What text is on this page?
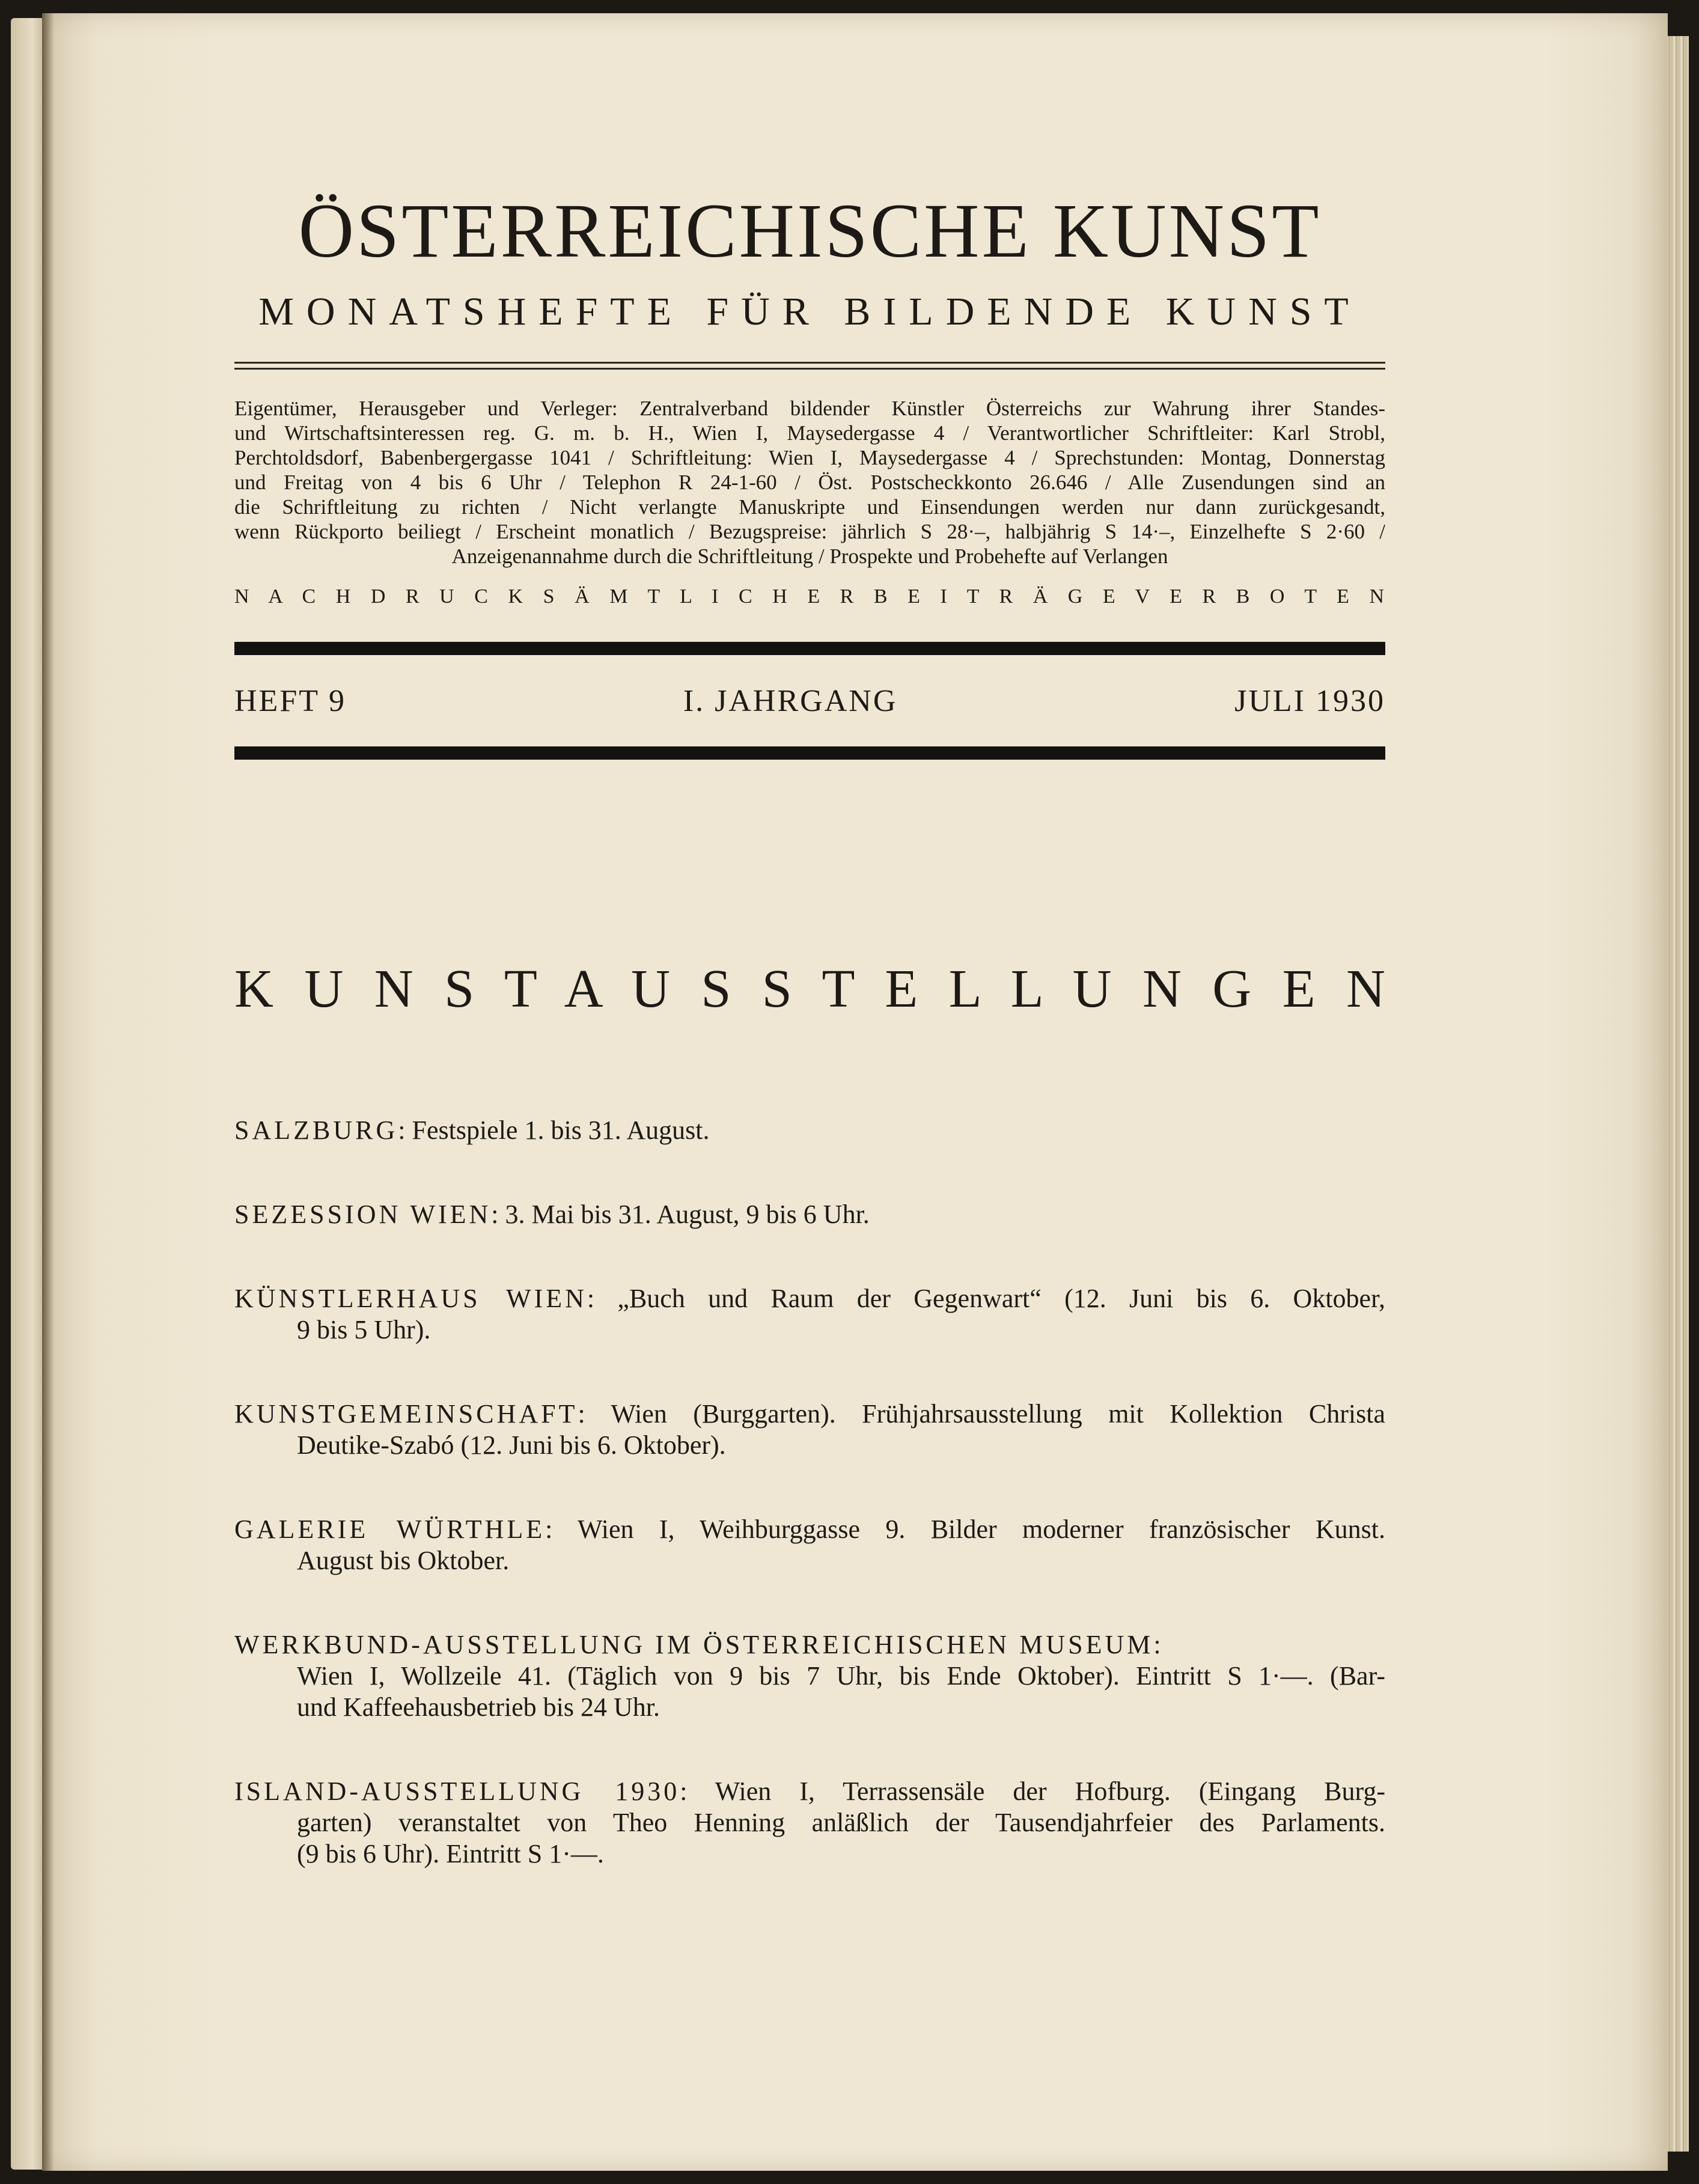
ÖSTERREICHISCHE KUNST
MONATSHEFTE FÜR BILDENDE KUNST
Eigentümer, Herausgeber und Verleger: Zentralverband bildender Künstler Österreichs zur Wahrung ihrer Standes-
und Wirtschaftsinteressen reg. G. m. b. H., Wien I, Maysedergasse 4 / Verantwortlicher Schriftleiter: Karl Strobl,
Perchtoldsdorf, Babenbergergasse 1041 / Schriftleitung: Wien I, Maysedergasse 4 / Sprechstunden: Montag, Donnerstag
und Freitag von 4 bis 6 Uhr / Telephon R 24-1-60 / Öst. Postscheckkonto 26.646 / Alle Zusendungen sind an
die Schriftleitung zu richten / Nicht verlangte Manuskripte und Einsendungen werden nur dann zurückgesandt,
wenn Rückporto beiliegt / Erscheint monatlich / Bezugspreise: jährlich S 28·–, halbjährig S 14·–, Einzelhefte S 2·60 /
Anzeigenannahme durch die Schriftleitung / Prospekte und Probehefte auf Verlangen
N A C H D R U C K S Ä M T L I C H E R B E I T R Ä G E V E R B O T E N
HEFT 9	I. JAHRGANG	JULI 1930
K U N S T A U S S T E L L U N G E N
SALZBURG: Festspiele 1. bis 31. August.
SEZESSION WIEN: 3. Mai bis 31. August, 9 bis 6 Uhr.
KÜNSTLERHAUS WIEN: „Buch und Raum der Gegenwart“ (12. Juni bis 6. Oktober,
9 bis 5 Uhr).
KUNSTGEMEINSCHAFT: Wien (Burggarten). Frühjahrsausstellung mit Kollektion Christa
Deutike-Szabó (12. Juni bis 6. Oktober).
GALERIE WÜRTHLE: Wien I, Weihburggasse 9. Bilder moderner französischer Kunst.
August bis Oktober.
WERKBUND-AUSSTELLUNG IM ÖSTERREICHISCHEN MUSEUM:
Wien I, Wollzeile 41. (Täglich von 9 bis 7 Uhr, bis Ende Oktober). Eintritt S 1·—. (Bar-
und Kaffeehausbetrieb bis 24 Uhr.
ISLAND-AUSSTELLUNG 1930: Wien I, Terrassensäle der Hofburg. (Eingang Burg-
garten) veranstaltet von Theo Henning anläßlich der Tausendjahrfeier des Parlaments.
(9 bis 6 Uhr). Eintritt S 1·—.
